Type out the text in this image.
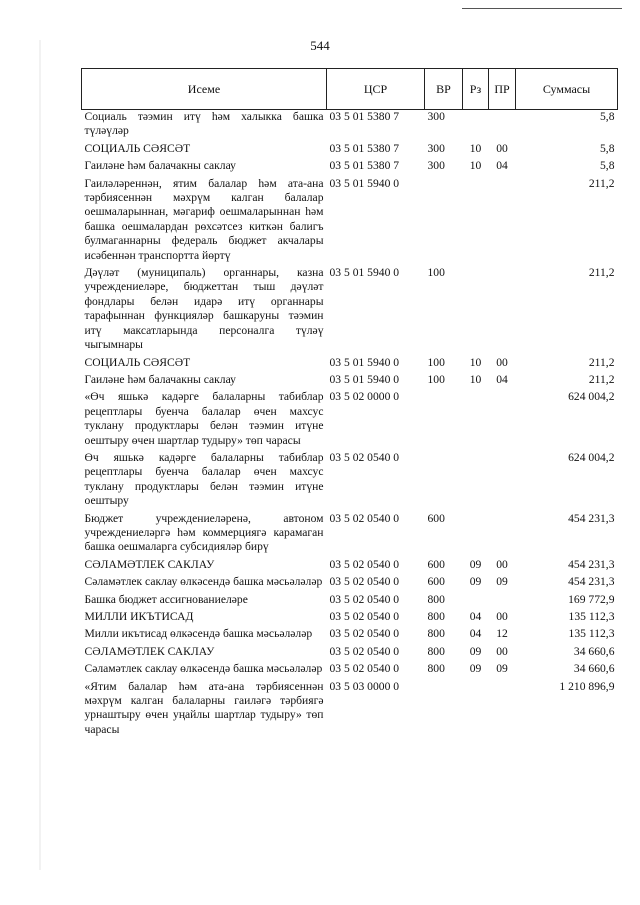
544
Исеме	ЦСР	ВР	Рз	ПР	Суммасы
Социаль тәэмин итү һәм халыкка башка түләүләр	03 5 01 5380 7	300			5,8
СОЦИАЛЬ СӘЯСӘТ	03 5 01 5380 7	300	10	00	5,8
Гаиләне һәм балачакны саклау	03 5 01 5380 7	300	10	04	5,8
Гаиләләреннән, ятим балалар һәм ата-ана тәрбиясеннән мәхрүм калган балалар оешмаларыннан, мәгариф оешмаларыннан һәм башка оешмалардан рөхсәтсез киткән балигъ булмаганнарны федераль бюджет акчалары исәбеннән транспортта йөртү	03 5 01 5940 0				211,2
Дәүләт (муниципаль) органнары, казна учреждениеләре, бюджеттан тыш дәүләт фондлары белән идарә итү органнары тарафыннан функцияләр башкаруны тәэмин итү максатларында персоналга түләү чыгымнары	03 5 01 5940 0	100			211,2
СОЦИАЛЬ СӘЯСӘТ	03 5 01 5940 0	100	10	00	211,2
Гаиләне һәм балачакны саклау	03 5 01 5940 0	100	10	04	211,2
«Өч яшькә кадәрге балаларны табиблар рецептлары буенча балалар өчен махсус туклану продуктлары белән тәэмин итүне оештыру өчен шартлар тудыру» төп чарасы	03 5 02 0000 0				624 004,2
Өч яшькә кадәрге балаларны табиблар рецептлары буенча балалар өчен махсус туклану продуктлары белән тәэмин итүне оештыру	03 5 02 0540 0				624 004,2
Бюджет учреждениеләренә, автоном учреждениеләргә һәм коммерциягә карамаган башка оешмаларга субсидияләр бирү	03 5 02 0540 0	600			454 231,3
СӘЛАМӘТЛЕК САКЛАУ	03 5 02 0540 0	600	09	00	454 231,3
Сәламәтлек саклау өлкәсендә башка мәсьәләләр	03 5 02 0540 0	600	09	09	454 231,3
Башка бюджет ассигнованиеләре	03 5 02 0540 0	800			169 772,9
МИЛЛИ ИКЪТИСАД	03 5 02 0540 0	800	04	00	135 112,3
Милли икътисад өлкәсендә башка мәсьәләләр	03 5 02 0540 0	800	04	12	135 112,3
СӘЛАМӘТЛЕК САКЛАУ	03 5 02 0540 0	800	09	00	34 660,6
Сәламәтлек саклау өлкәсендә башка мәсьәләләр	03 5 02 0540 0	800	09	09	34 660,6
«Ятим балалар һәм ата-ана тәрбиясеннән мәхрүм калган балаларны гаиләгә тәрбиягә урнаштыру өчен уңайлы шартлар тудыру» төп чарасы	03 5 03 0000 0				1 210 896,9
